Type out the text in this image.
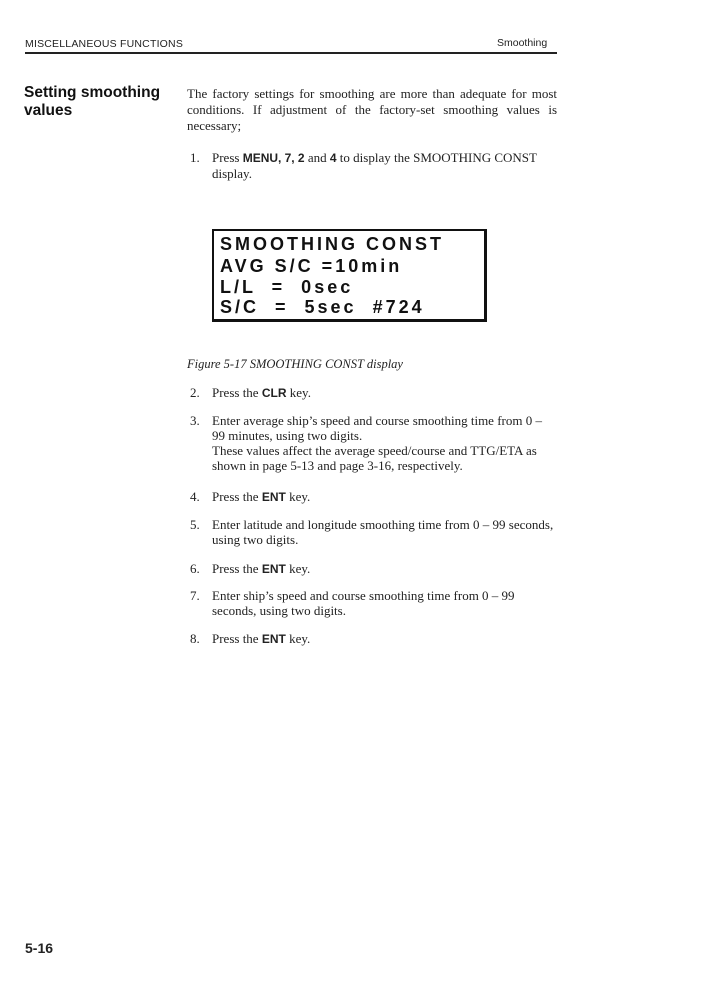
MISCELLANEOUS FUNCTIONS	Smoothing
Setting smoothing values
The factory settings for smoothing are more than adequate for most conditions. If adjustment of the factory-set smoothing values is necessary;
1. Press MENU, 7, 2 and 4 to display the SMOOTHING CONST display.
SMOOTHING CONST
AVG S/C =10min
L/L  =  0sec
S/C  =  5sec  #724
Figure 5-17 SMOOTHING CONST display
2. Press the CLR key.
3. Enter average ship’s speed and course smoothing time from 0 – 99 minutes, using two digits.
These values affect the average speed/course and TTG/ETA as shown in page 5-13 and page 3-16, respectively.
4. Press the ENT key.
5. Enter latitude and longitude smoothing time from 0 – 99 seconds, using two digits.
6. Press the ENT key.
7. Enter ship’s speed and course smoothing time from 0 – 99 seconds, using two digits.
8. Press the ENT key.
5-16
